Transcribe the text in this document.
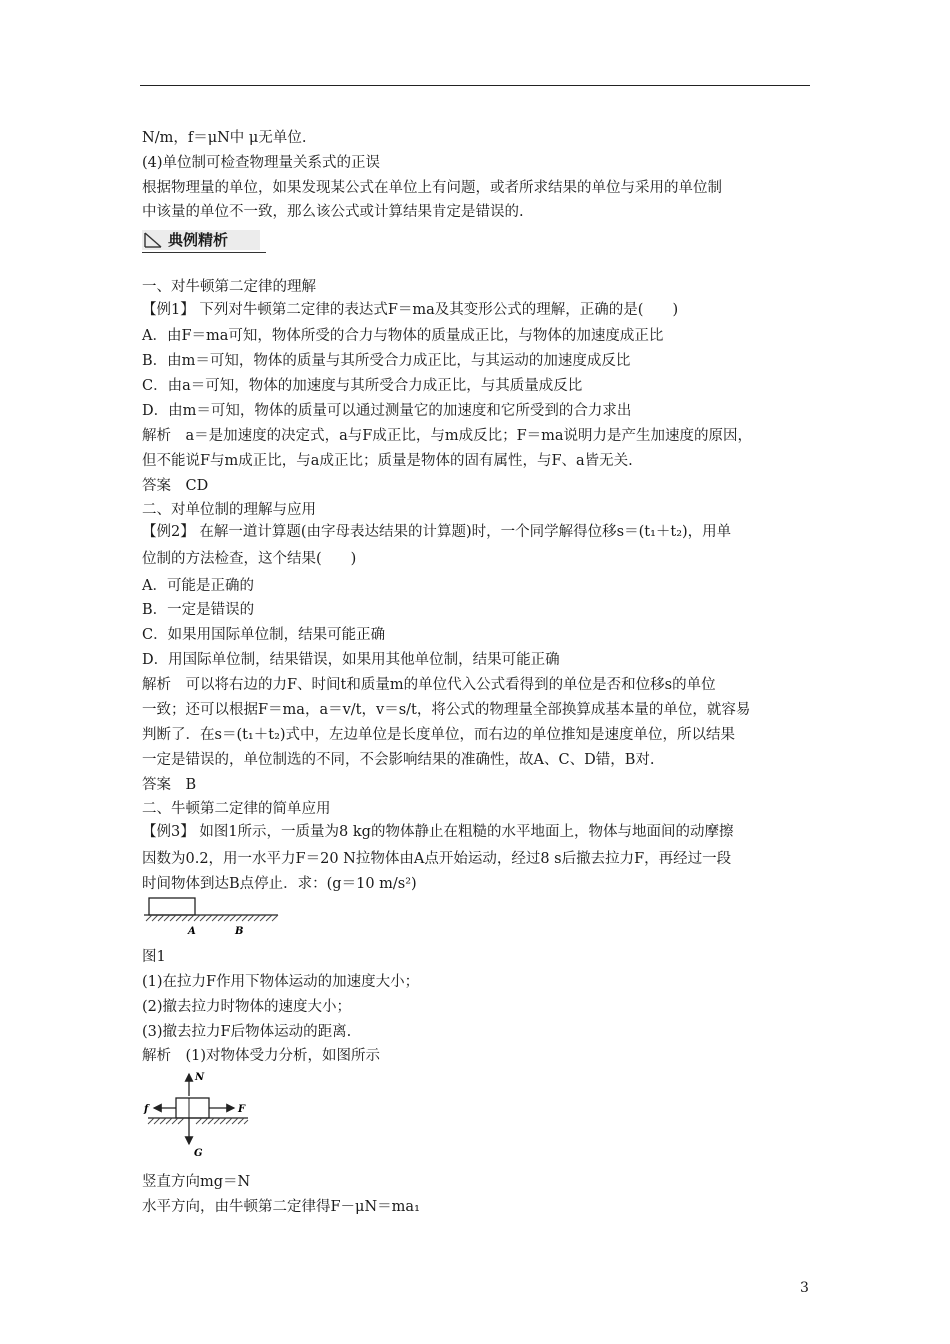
N/m，f＝μN中 μ无单位.
(4)单位制可检查物理量关系式的正误
根据物理量的单位，如果发现某公式在单位上有问题，或者所求结果的单位与采用的单位制
中该量的单位不一致，那么该公式或计算结果肯定是错误的.
典例精析
一、对牛顿第二定律的理解
【例1】 下列对牛顿第二定律的表达式F＝ma及其变形公式的理解，正确的是(　　)
A．由F＝ma可知，物体所受的合力与物体的质量成正比，与物体的加速度成正比
B．由m＝可知，物体的质量与其所受合力成正比，与其运动的加速度成反比
C．由a＝可知，物体的加速度与其所受合力成正比，与其质量成反比
D．由m＝可知，物体的质量可以通过测量它的加速度和它所受到的合力求出
解析　a＝是加速度的决定式，a与F成正比，与m成反比；F＝ma说明力是产生加速度的原因，
但不能说F与m成正比，与a成正比；质量是物体的固有属性，与F、a皆无关.
答案　CD
二、对单位制的理解与应用
【例2】 在解一道计算题(由字母表达结果的计算题)时，一个同学解得位移s＝(t₁＋t₂)，用单
位制的方法检查，这个结果(　　)
A．可能是正确的
B．一定是错误的
C．如果用国际单位制，结果可能正确
D．用国际单位制，结果错误，如果用其他单位制，结果可能正确
解析　可以将右边的力F、时间t和质量m的单位代入公式看得到的单位是否和位移s的单位
一致；还可以根据F＝ma，a＝v/t，v＝s/t，将公式的物理量全部换算成基本量的单位，就容易
判断了．在s＝(t₁＋t₂)式中，左边单位是长度单位，而右边的单位推知是速度单位，所以结果
一定是错误的，单位制选的不同，不会影响结果的准确性，故A、C、D错，B对.
答案　B
二、牛顿第二定律的简单应用
【例3】 如图1所示，一质量为8 kg的物体静止在粗糙的水平地面上，物体与地面间的动摩擦
因数为0.2，用一水平力F＝20 N拉物体由A点开始运动，经过8 s后撤去拉力F，再经过一段
时间物体到达B点停止．求：(g＝10 m/s²)
A	B
图1
(1)在拉力F作用下物体运动的加速度大小；
(2)撤去拉力时物体的速度大小；
(3)撤去拉力F后物体运动的距离.
解析　(1)对物体受力分析，如图所示
N
f	F
G
竖直方向mg＝N
水平方向，由牛顿第二定律得F－μN＝ma₁
3
